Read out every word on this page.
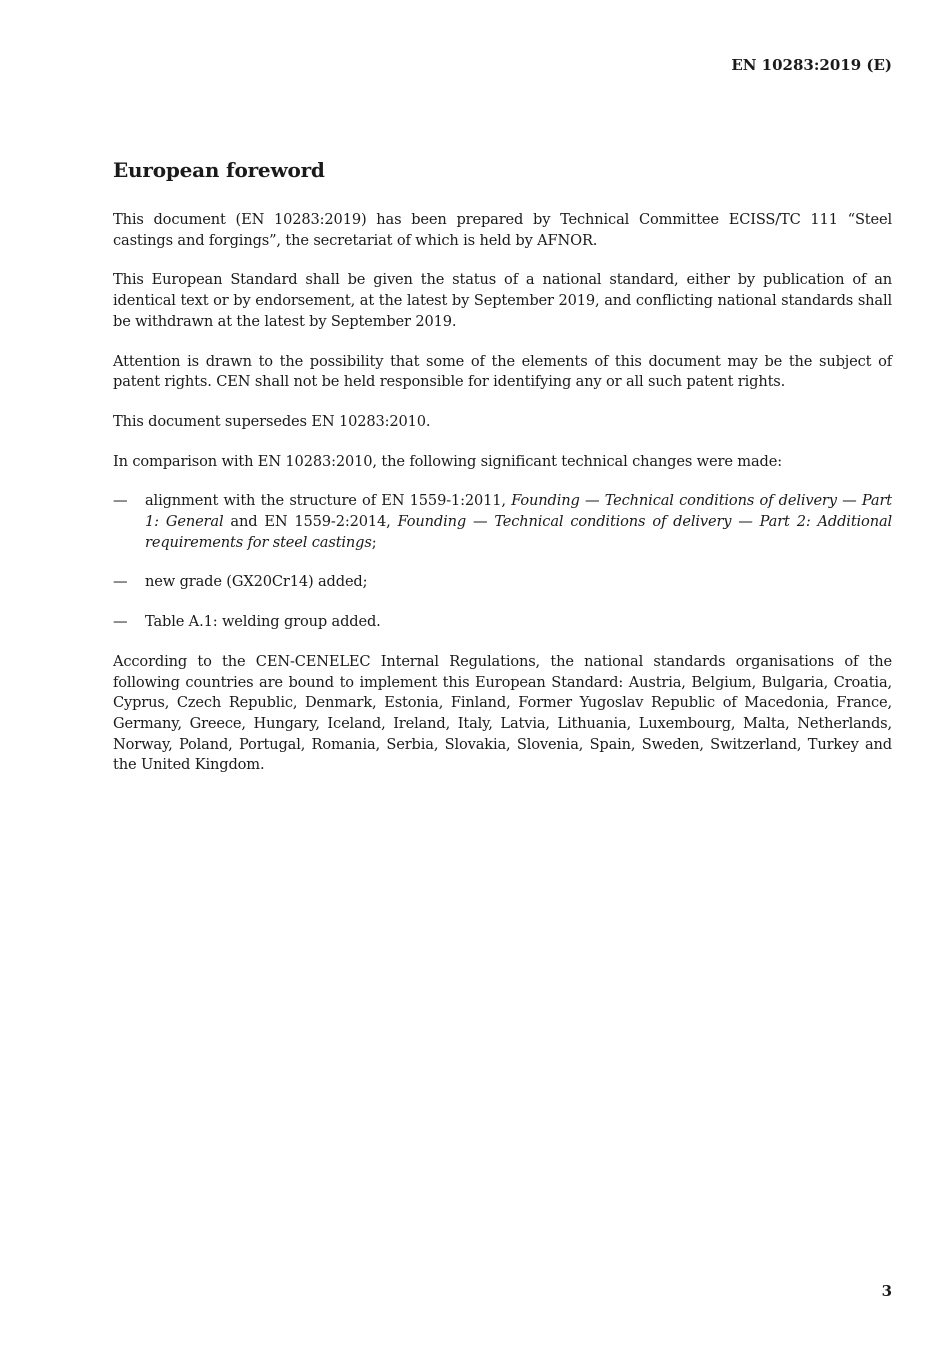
EN 10283:2019 (E)
European foreword

This document (EN 10283:2019) has been prepared by Technical Committee ECISS/TC 111 “Steel castings and forgings”, the secretariat of which is held by AFNOR.

This European Standard shall be given the status of a national standard, either by publication of an identical text or by endorsement, at the latest by September 2019, and conflicting national standards shall be withdrawn at the latest by September 2019.

Attention is drawn to the possibility that some of the elements of this document may be the subject of patent rights. CEN shall not be held responsible for identifying any or all such patent rights.

This document supersedes EN 10283:2010.

In comparison with EN 10283:2010, the following significant technical changes were made:

— alignment with the structure of EN 1559-1:2011, Founding — Technical conditions of delivery — Part 1: General and EN 1559-2:2014, Founding — Technical conditions of delivery — Part 2: Additional requirements for steel castings;
— new grade (GX20Cr14) added;
— Table A.1: welding group added.

According to the CEN-CENELEC Internal Regulations, the national standards organisations of the following countries are bound to implement this European Standard: Austria, Belgium, Bulgaria, Croatia, Cyprus, Czech Republic, Denmark, Estonia, Finland, Former Yugoslav Republic of Macedonia, France, Germany, Greece, Hungary, Iceland, Ireland, Italy, Latvia, Lithuania, Luxembourg, Malta, Netherlands, Norway, Poland, Portugal, Romania, Serbia, Slovakia, Slovenia, Spain, Sweden, Switzerland, Turkey and the United Kingdom.

3
